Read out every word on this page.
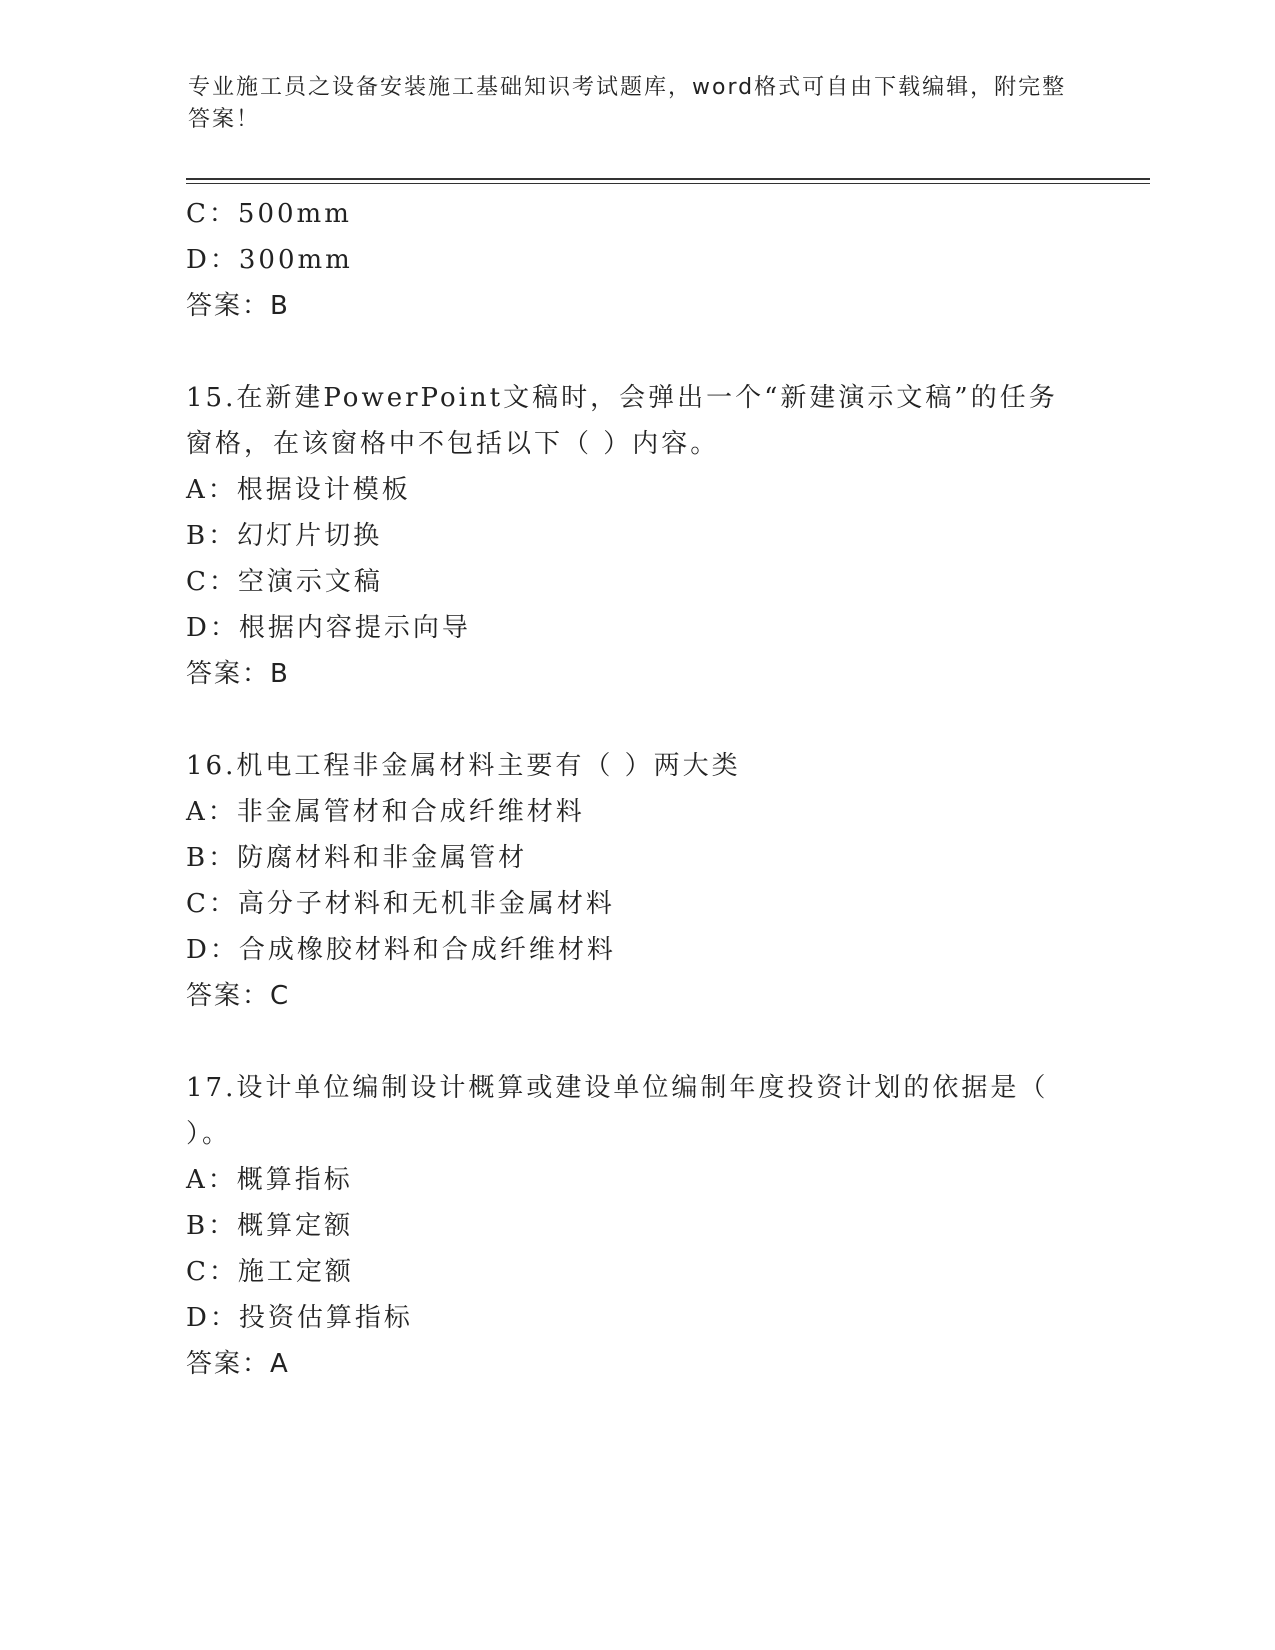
专业施工员之设备安装施工基础知识考试题库，word格式可自由下载编辑，附完整答案！
C：500mm
D：300mm
答案：B
15.在新建PowerPoint文稿时，会弹出一个“新建演示文稿”的任务窗格，在该窗格中不包括以下（ ）内容。
A：根据设计模板
B：幻灯片切换
C：空演示文稿
D：根据内容提示向导
答案：B
16.机电工程非金属材料主要有（ ）两大类
A：非金属管材和合成纤维材料
B：防腐材料和非金属管材
C：高分子材料和无机非金属材料
D：合成橡胶材料和合成纤维材料
答案：C
17.设计单位编制设计概算或建设单位编制年度投资计划的依据是（ ）。
A：概算指标
B：概算定额
C：施工定额
D：投资估算指标
答案：A
